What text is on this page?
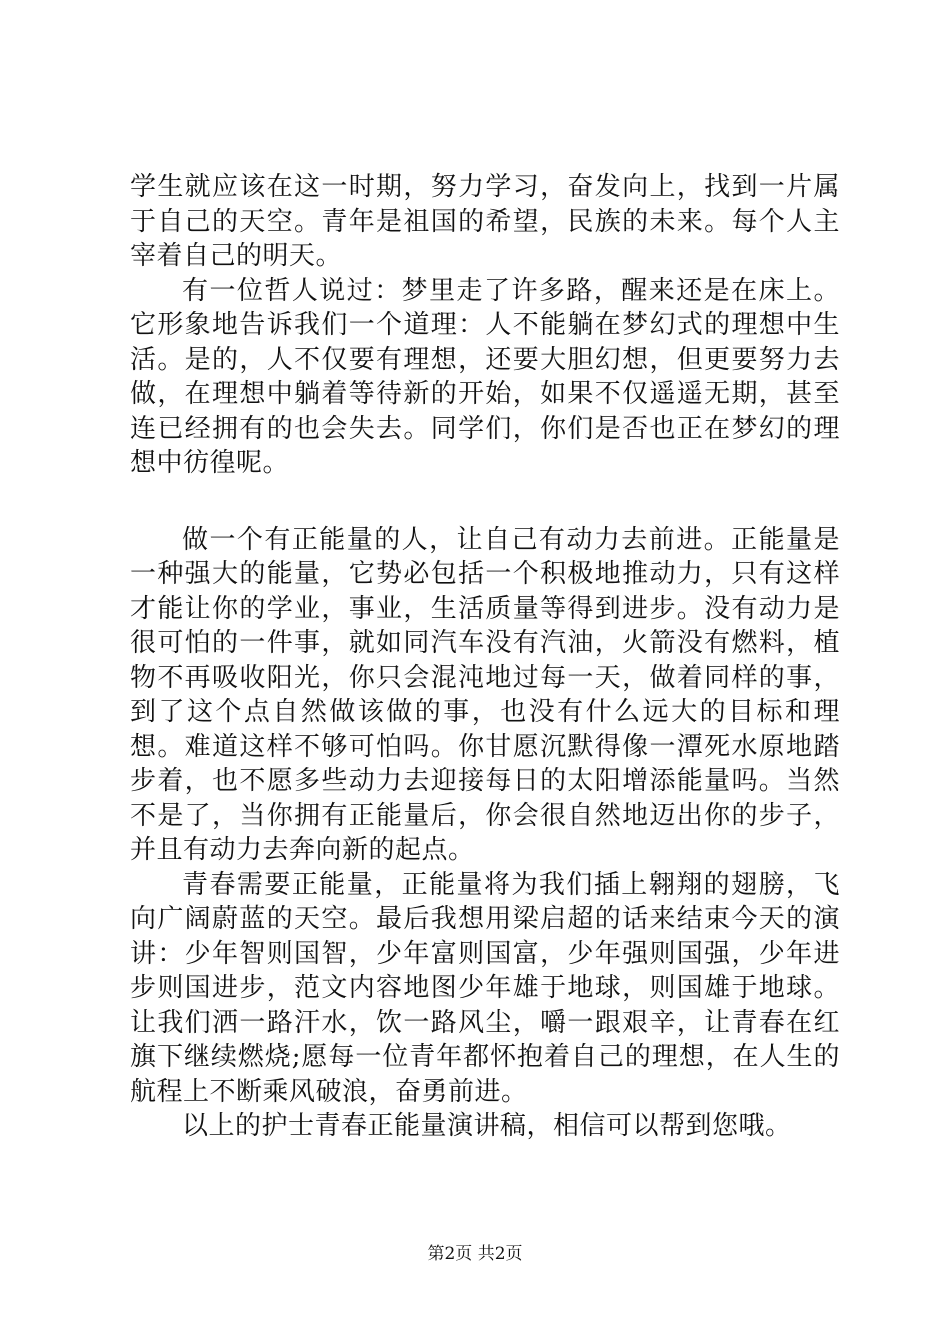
学生就应该在这一时期，努力学习，奋发向上，找到一片属于自己的天空。青年是祖国的希望，民族的未来。每个人主宰着自己的明天。

有一位哲人说过：梦里走了许多路，醒来还是在床上。它形象地告诉我们一个道理：人不能躺在梦幻式的理想中生活。是的，人不仅要有理想，还要大胆幻想，但更要努力去做，在理想中躺着等待新的开始，如果不仅遥遥无期，甚至连已经拥有的也会失去。同学们，你们是否也正在梦幻的理想中彷徨呢。

做一个有正能量的人，让自己有动力去前进。正能量是一种强大的能量，它势必包括一个积极地推动力，只有这样才能让你的学业，事业，生活质量等得到进步。没有动力是很可怕的一件事，就如同汽车没有汽油，火箭没有燃料，植物不再吸收阳光，你只会混沌地过每一天，做着同样的事，到了这个点自然做该做的事，也没有什么远大的目标和理想。难道这样不够可怕吗。你甘愿沉默得像一潭死水原地踏步着，也不愿多些动力去迎接每日的太阳增添能量吗。当然不是了，当你拥有正能量后，你会很自然地迈出你的步子，并且有动力去奔向新的起点。

青春需要正能量，正能量将为我们插上翱翔的翅膀，飞向广阔蔚蓝的天空。最后我想用梁启超的话来结束今天的演讲：少年智则国智，少年富则国富，少年强则国强，少年进步则国进步，范文内容地图少年雄于地球，则国雄于地球。让我们洒一路汗水，饮一路风尘，嚼一跟艰辛，让青春在红旗下继续燃烧;愿每一位青年都怀抱着自己的理想，在人生的航程上不断乘风破浪，奋勇前进。

以上的护士青春正能量演讲稿，相信可以帮到您哦。

第2页 共2页
